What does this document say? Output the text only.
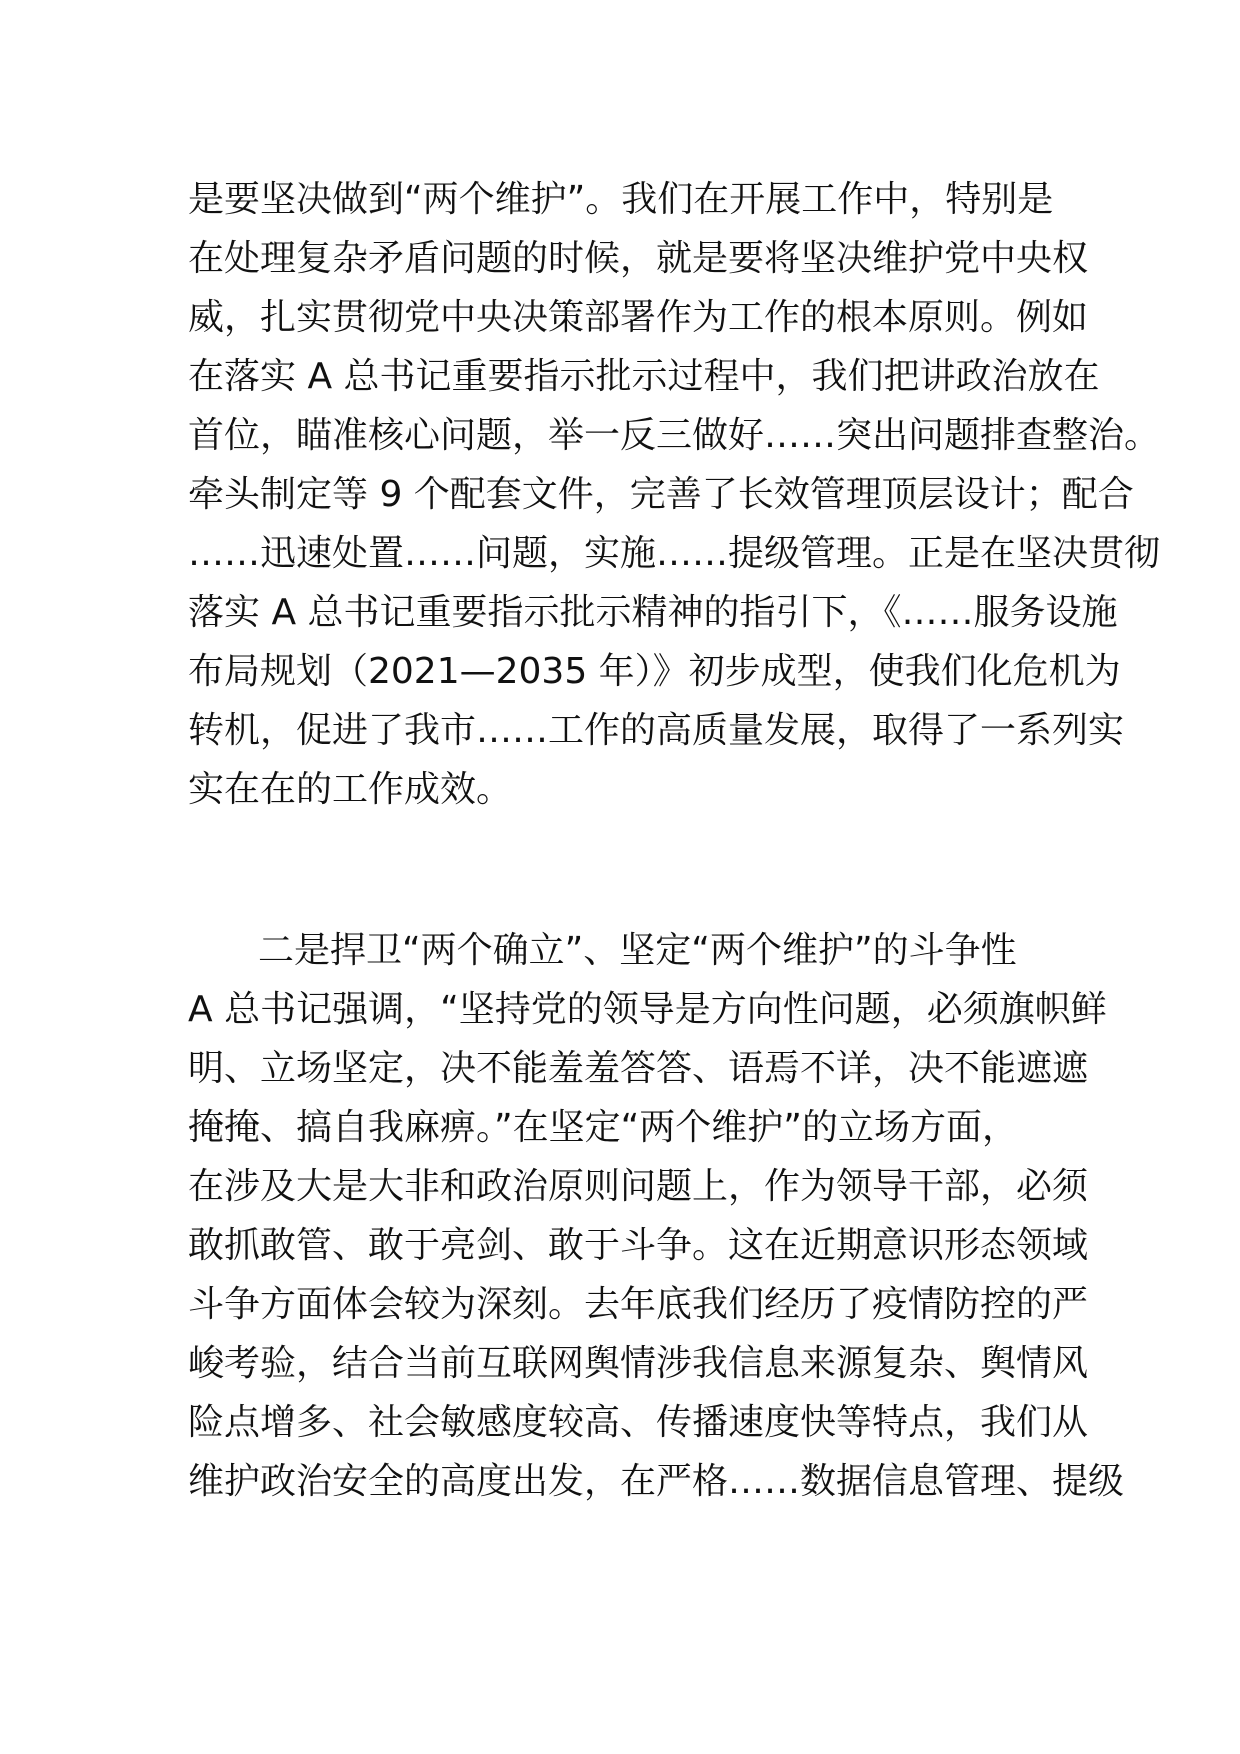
是要坚决做到“两个维护”。我们在开展工作中，特别是
在处理复杂矛盾问题的时候，就是要将坚决维护党中央权
威，扎实贯彻党中央决策部署作为工作的根本原则。例如
在落实 A 总书记重要指示批示过程中，我们把讲政治放在
首位，瞄准核心问题，举一反三做好……突出问题排查整治。
牵头制定等 9 个配套文件，完善了长效管理顶层设计；配合
……迅速处置……问题，实施……提级管理。正是在坚决贯彻
落实 A 总书记重要指示批示精神的指引下，《……服务设施
布局规划（2021—2035 年）》初步成型，使我们化危机为
转机，促进了我市……工作的高质量发展，取得了一系列实
实在在的工作成效。
二是捍卫“两个确立”、坚定“两个维护”的斗争性
A 总书记强调，“坚持党的领导是方向性问题，必须旗帜鲜
明、立场坚定，决不能羞羞答答、语焉不详，决不能遮遮
掩掩、搞自我麻痹。”在坚定“两个维护”的立场方面，
在涉及大是大非和政治原则问题上，作为领导干部，必须
敢抓敢管、敢于亮剑、敢于斗争。这在近期意识形态领域
斗争方面体会较为深刻。去年底我们经历了疫情防控的严
峻考验，结合当前互联网舆情涉我信息来源复杂、舆情风
险点增多、社会敏感度较高、传播速度快等特点，我们从
维护政治安全的高度出发，在严格……数据信息管理、提级
